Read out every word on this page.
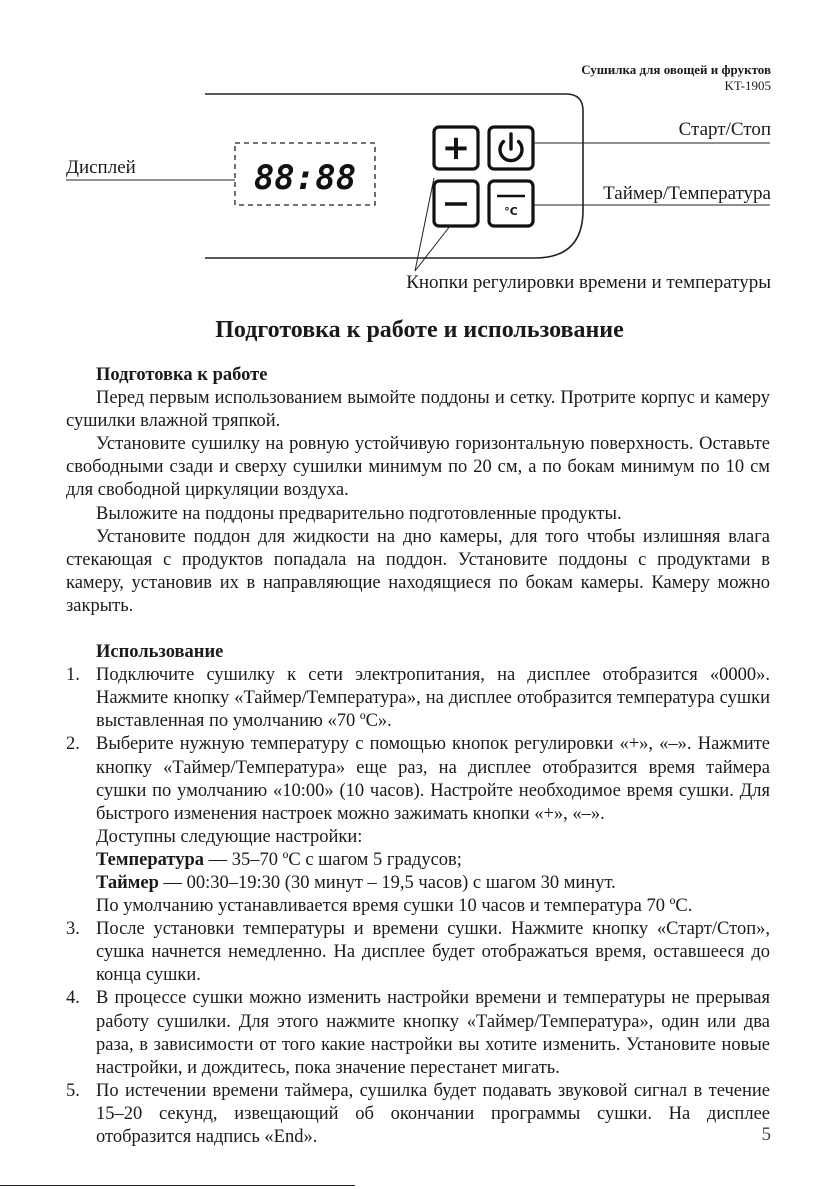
Сушилка для овощей и фруктов
KT-1905
88:88
+
°C
Дисплей
Старт/Стоп
Таймер/Температура
Кнопки регулировки времени и температуры
Подготовка к работе и использование

Подготовка к работе

Перед первым использованием вымойте поддоны и сетку. Протрите корпус и камеру сушилки влажной тряпкой.

Установите сушилку на ровную устойчивую горизонтальную поверхность. Оставьте свободными сзади и сверху сушилки минимум по 20 см, а по бокам минимум по 10 см для свободной циркуляции воздуха.

Выложите на поддоны предварительно подготовленные продукты.

Установите поддон для жидкости на дно камеры, для того чтобы излишняя влага стекающая с продуктов попадала на поддон. Установите поддоны с продуктами в камеру, установив их в направляющие находящиеся по бокам камеры. Камеру можно закрыть.

Использование

1. Подключите сушилку к сети электропитания, на дисплее отобразится «0000». Нажмите кнопку «Таймер/Температура», на дисплее отобразится температура сушки выставленная по умолчанию «70 ºC».

2. Выберите нужную температуру с помощью кнопок регулировки «+», «–». Нажмите кнопку «Таймер/Температура» еще раз, на дисплее отобразится время таймера сушки по умолчанию «10:00» (10 часов). Настройте необходимое время сушки. Для быстрого изменения настроек можно зажимать кнопки «+», «–».

Доступны следующие настройки:

Температура — 35–70 ºC с шагом 5 градусов;

Таймер — 00:30–19:30 (30 минут – 19,5 часов) с шагом 30 минут.

По умолчанию устанавливается время сушки 10 часов и температура 70 ºC.

3. После установки температуры и времени сушки. Нажмите кнопку «Старт/Стоп», сушка начнется немедленно. На дисплее будет отображаться время, оставшееся до конца сушки.

4. В процессе сушки можно изменить настройки времени и температуры не прерывая работу сушилки. Для этого нажмите кнопку «Таймер/Температура», один или два раза, в зависимости от того какие настройки вы хотите изменить. Установите новые настройки, и дождитесь, пока значение перестанет мигать.

5. По истечении времени таймера, сушилка будет подавать звуковой сигнал в течение 15–20 секунд, извещающий об окончании программы сушки. На дисплее отобразится надпись «End».	5
